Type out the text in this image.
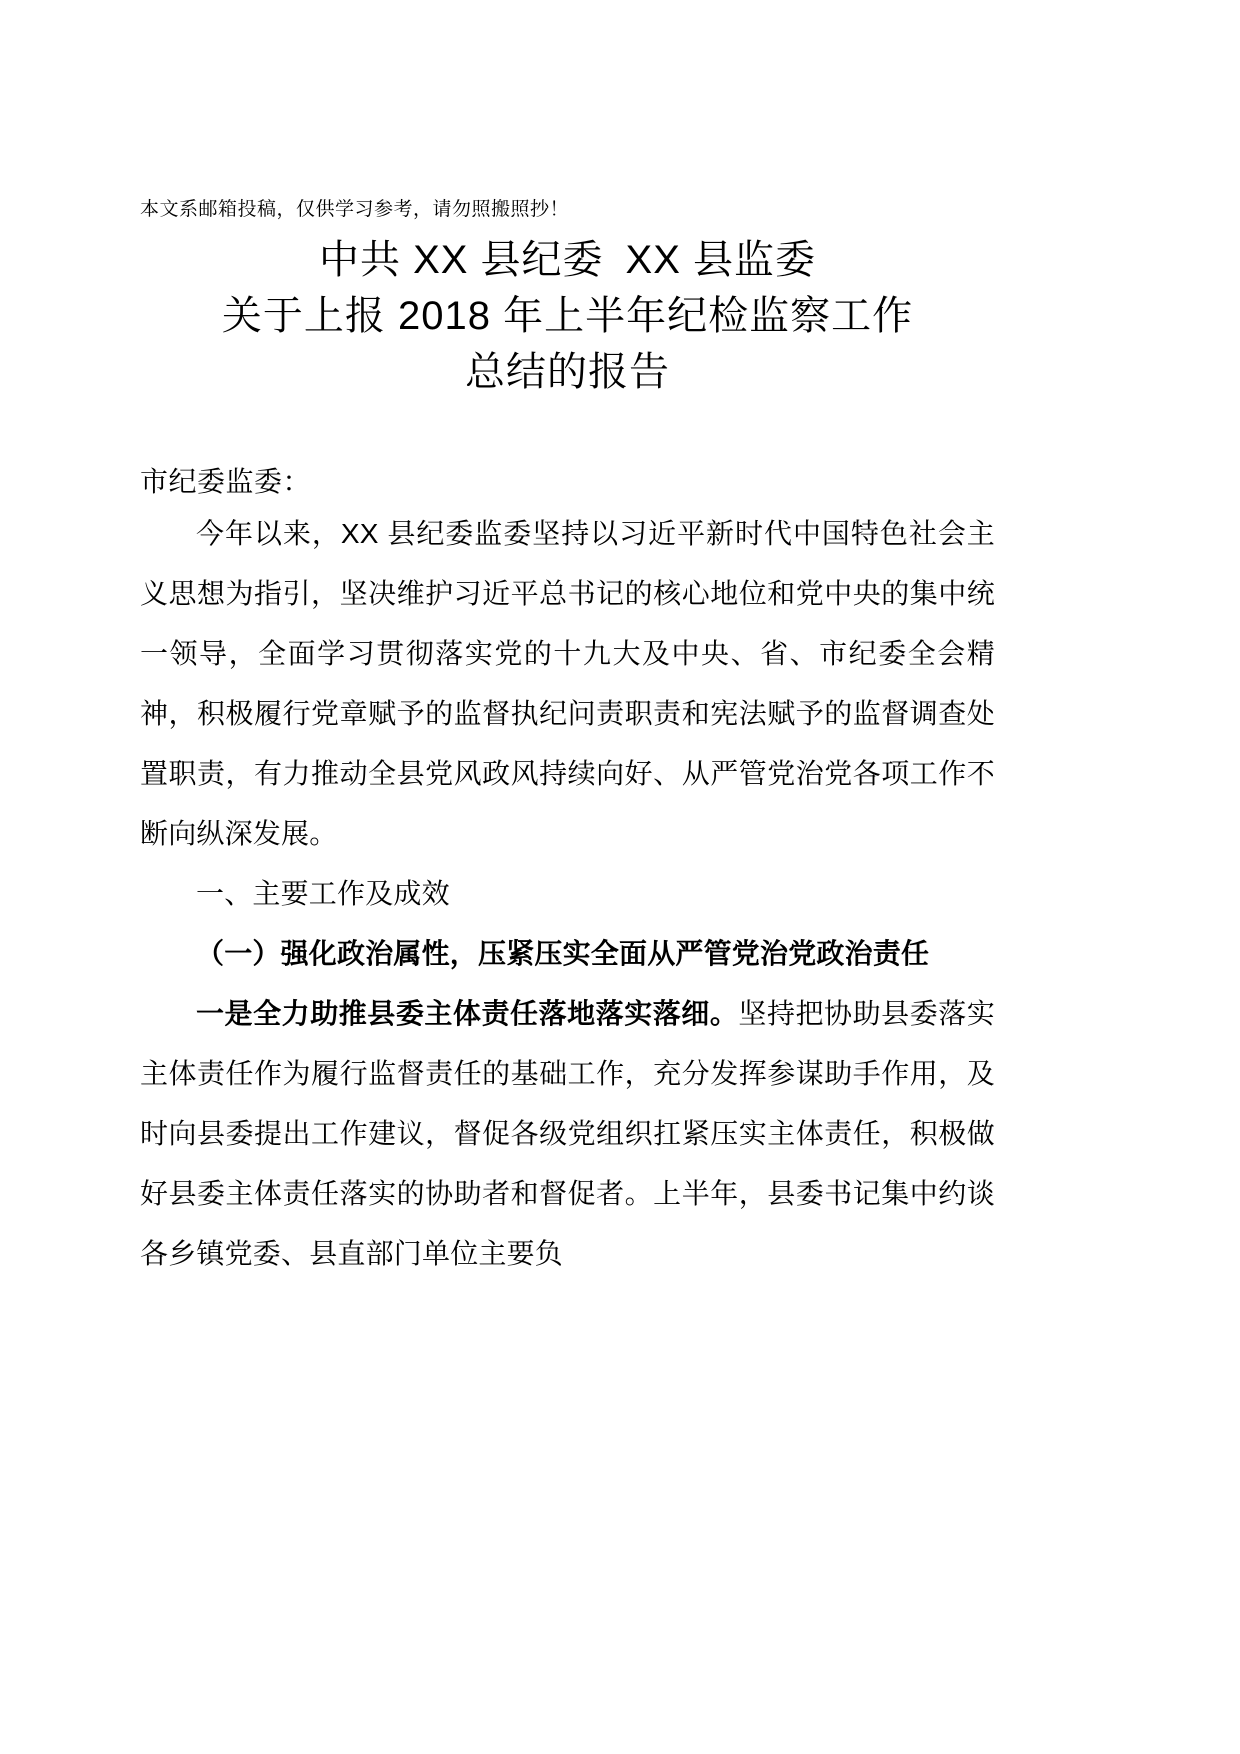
本文系邮箱投稿，仅供学习参考，请勿照搬照抄！

中共 XX 县纪委 XX 县监委
关于上报 2018 年上半年纪检监察工作
总结的报告

市纪委监委：

今年以来，XX 县纪委监委坚持以习近平新时代中国特色社会主义思想为指引，坚决维护习近平总书记的核心地位和党中央的集中统一领导，全面学习贯彻落实党的十九大及中央、省、市纪委全会精神，积极履行党章赋予的监督执纪问责职责和宪法赋予的监督调查处置职责，有力推动全县党风政风持续向好、从严管党治党各项工作不断向纵深发展。

一、主要工作及成效

（一）强化政治属性，压紧压实全面从严管党治党政治责任

一是全力助推县委主体责任落地落实落细。坚持把协助县委落实主体责任作为履行监督责任的基础工作，充分发挥参谋助手作用，及时向县委提出工作建议，督促各级党组织扛紧压实主体责任，积极做好县委主体责任落实的协助者和督促者。上半年，县委书记集中约谈各乡镇党委、县直部门单位主要负
